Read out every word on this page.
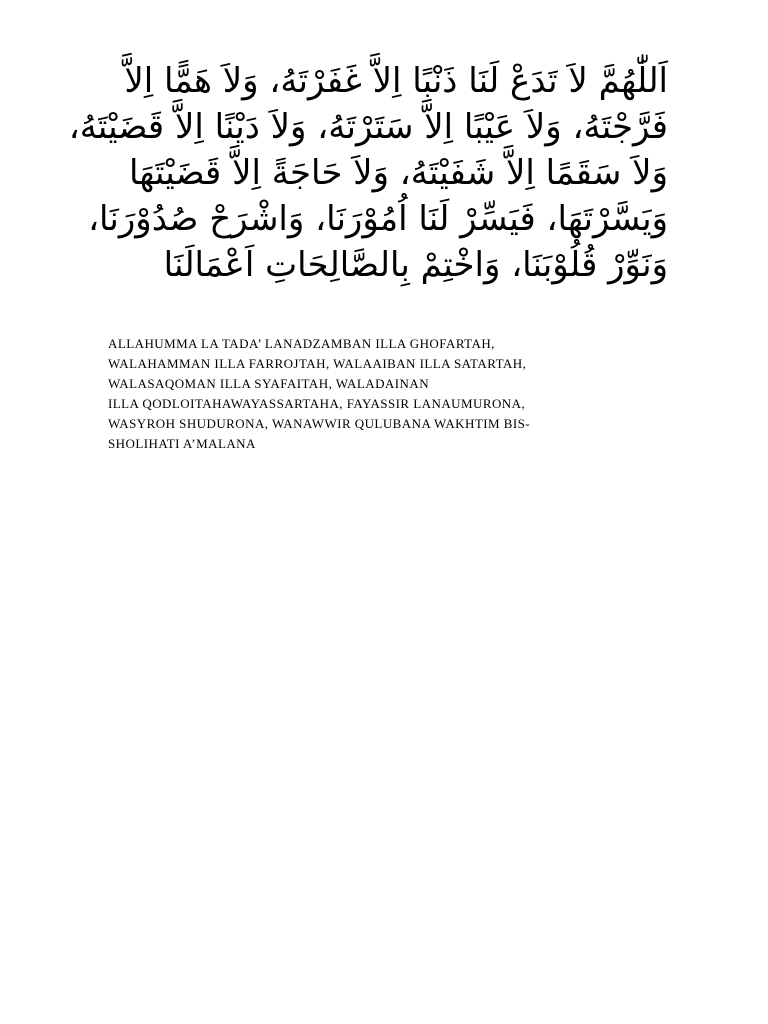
اَللّٰهُمَّ لاَ تَدَعْ لَنَا ذَنْبًا اِلاَّ غَفَرْتَهُ، وَلاَ هَمًّا اِلاَّ
فَرَّجْتَهُ، وَلاَ عَيْبًا اِلاَّ سَتَرْتَهُ، وَلاَ دَيْنًا اِلاَّ قَضَيْتَهُ،
وَلاَ سَقَمًا اِلاَّ شَفَيْتَهُ، وَلاَ حَاجَةً اِلاَّ قَضَيْتَهَا
وَيَسَّرْتَهَا، فَيَسِّرْ لَنَا اُمُوْرَنَا، وَاشْرَحْ صُدُوْرَنَا،
وَنَوِّرْ قُلُوْبَنَا، وَاخْتِمْ بِالصَّالِحَاتِ اَعْمَالَنَا
ALLAHUMMA LA TADA’ LANADZAMBAN ILLA GHOFARTAH,
WALAHAMMAN ILLA FARROJTAH, WALAAIBAN ILLA SATARTAH,
WALASAQOMAN ILLA SYAFAITAH, WALADAINAN
ILLA QODLOITAHAWAYASSARTAHA, FAYASSIR LANAUMURONA,
WASYROH SHUDURONA, WANAWWIR QULUBANA WAKHTIM BIS-
SHOLIHATI A’MALANA
